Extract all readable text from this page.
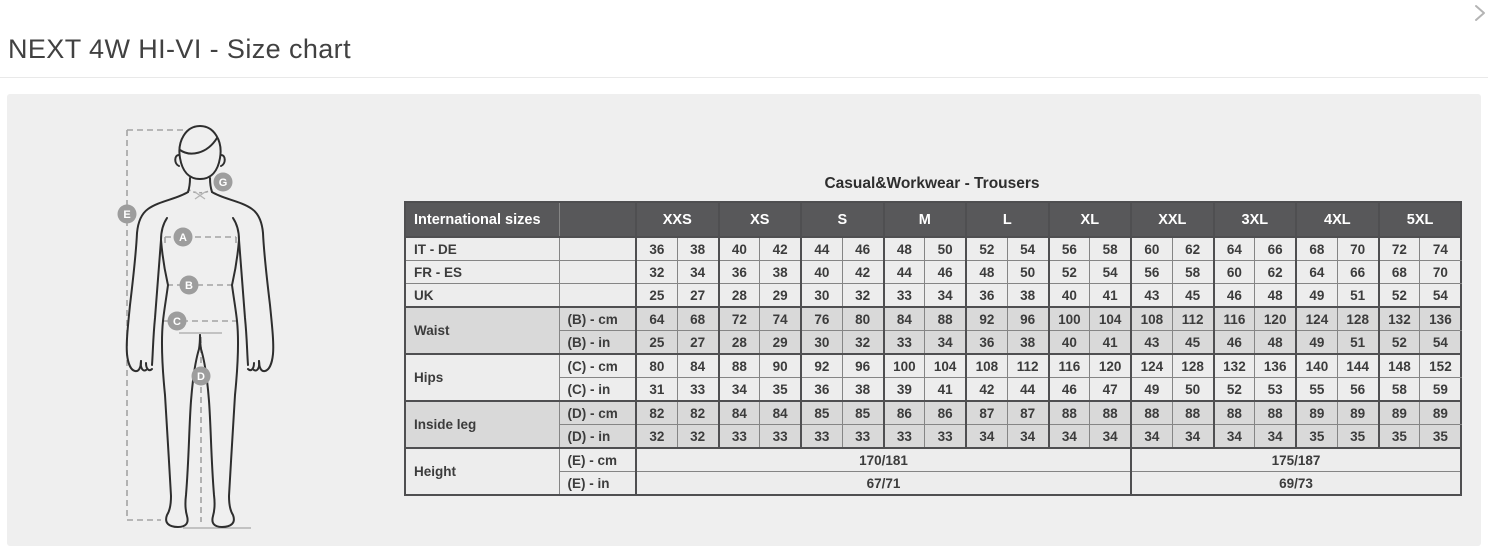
NEXT 4W HI-VI - Size chart
E
G
A
B
C
D
Casual&Workwear - Trousers
International sizes		XXS		XS		S		M		L		XL		XXL		3XL		4XL		5XL		
IT - DE		36	38	40	42	44	46	48	50	52	54	56	58	60	62	64	66	68	70	72	74	
FR - ES		32	34	36	38	40	42	44	46	48	50	52	54	56	58	60	62	64	66	68	70	
UK		25	27	28	29	30	32	33	34	36	38	40	41	43	45	46	48	49	51	52	54	
Waist	(B) - cm	64	68	72	74	76	80	84	88	92	96	100	104	108	112	116	120	124	128	132	136	
	(B) - in	25	27	28	29	30	32	33	34	36	38	40	41	43	45	46	48	49	51	52	54	
Hips	(C) - cm	80	84	88	90	92	96	100	104	108	112	116	120	124	128	132	136	140	144	148	152	
	(C) - in	31	33	34	35	36	38	39	41	42	44	46	47	49	50	52	53	55	56	58	59	
Inside leg	(D) - cm	82	82	84	84	85	85	86	86	87	87	88	88	88	88	88	88	89	89	89	89	
	(D) - in	32	32	33	33	33	33	33	33	34	34	34	34	34	34	34	34	35	35	35	35	
Height	(E) - cm	170/181												175/187	
	(E) - in	67/71												69/73	
